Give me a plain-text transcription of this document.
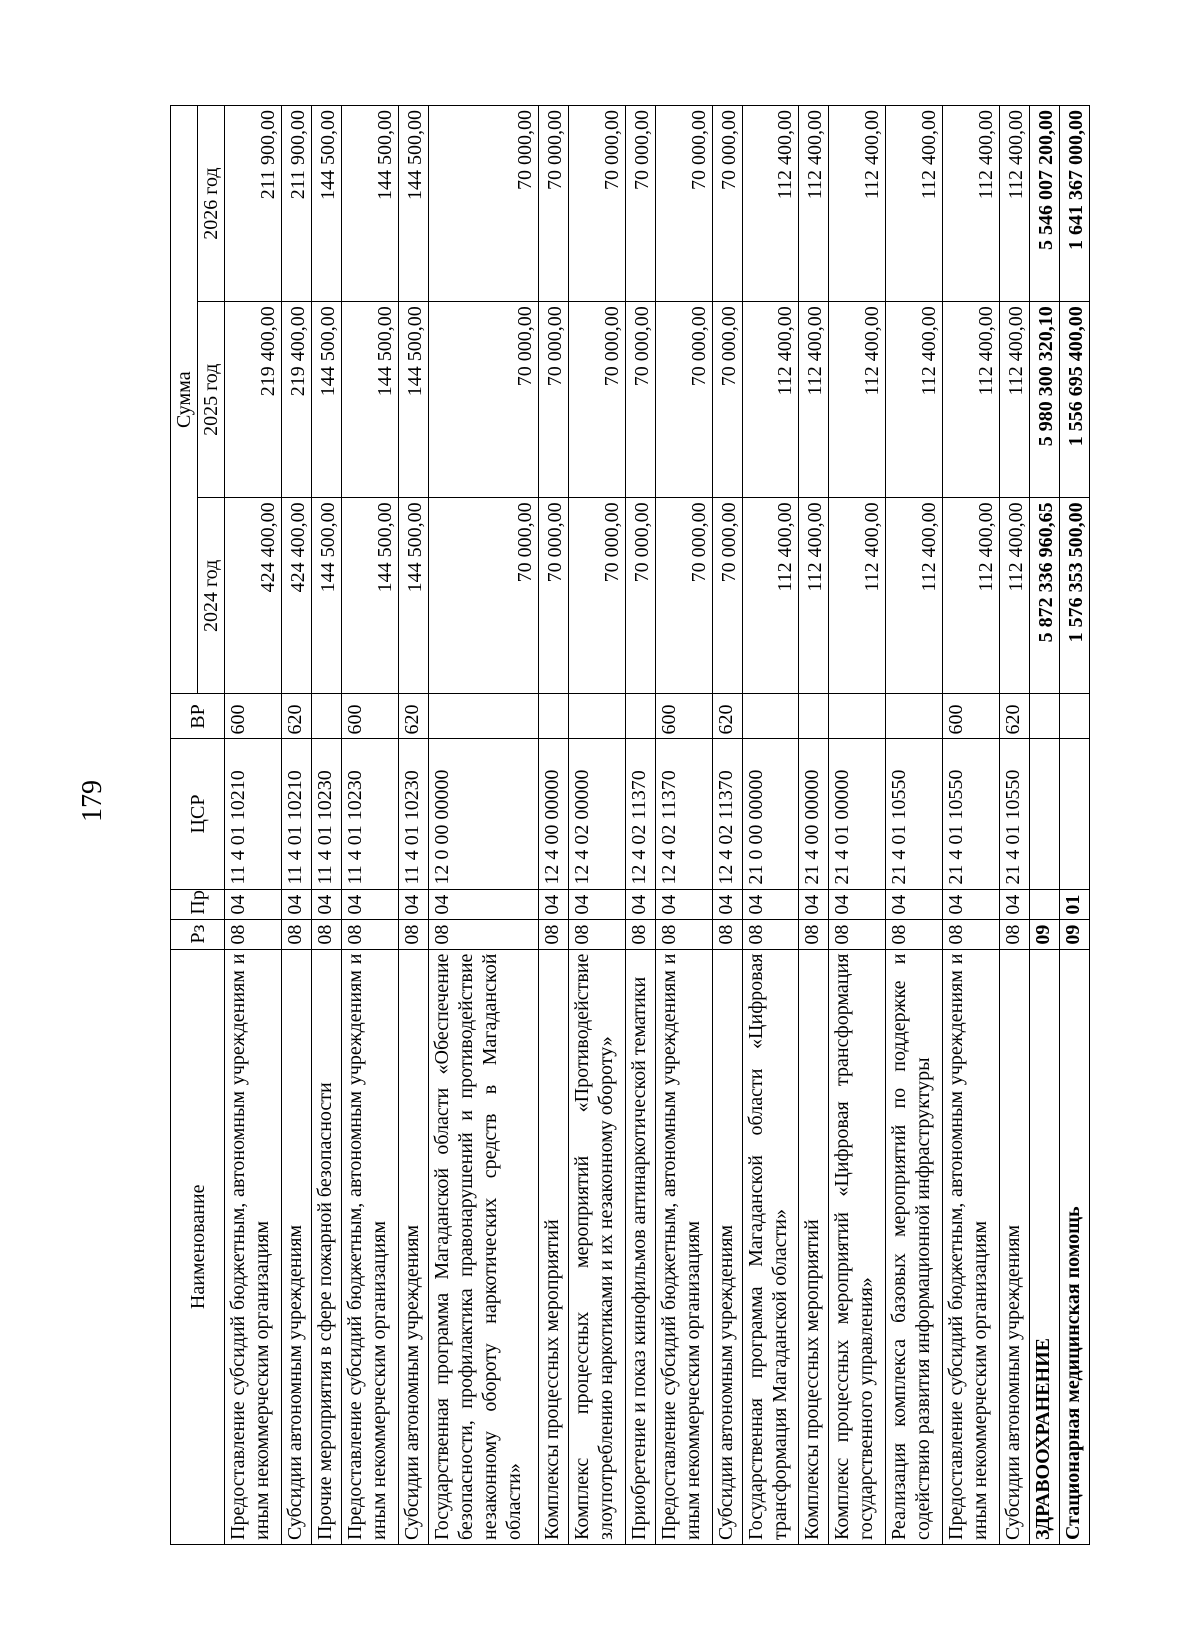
179
Наименование	Рз	Пр	ЦСР	ВР	Сумма		
					2024 год	2025 год	2026 год
Предоставление субсидий бюджетным, автономным учреждениям и иным некоммерческим организациям	08	04	11 4 01 10210	600	424 400,00	219 400,00	211 900,00
Субсидии автономным учреждениям	08	04	11 4 01 10210	620	424 400,00	219 400,00	211 900,00
Прочие мероприятия в сфере пожарной безопасности	08	04	11 4 01 10230		144 500,00	144 500,00	144 500,00
Предоставление субсидий бюджетным, автономным учреждениям и иным некоммерческим организациям	08	04	11 4 01 10230	600	144 500,00	144 500,00	144 500,00
Субсидии автономным учреждениям	08	04	11 4 01 10230	620	144 500,00	144 500,00	144 500,00
Государственная программа Магаданской области «Обеспечение безопасности, профилактика правонарушений и противодействие незаконному обороту наркотических средств в Магаданской области»	08	04	12 0 00 00000		70 000,00	70 000,00	70 000,00
Комплексы процессных мероприятий	08	04	12 4 00 00000		70 000,00	70 000,00	70 000,00
Комплекс процессных мероприятий «Противодействие злоупотреблению наркотиками и их незаконному обороту»	08	04	12 4 02 00000		70 000,00	70 000,00	70 000,00
Приобретение и показ кинофильмов антинаркотической тематики	08	04	12 4 02 11370		70 000,00	70 000,00	70 000,00
Предоставление субсидий бюджетным, автономным учреждениям и иным некоммерческим организациям	08	04	12 4 02 11370	600	70 000,00	70 000,00	70 000,00
Субсидии автономным учреждениям	08	04	12 4 02 11370	620	70 000,00	70 000,00	70 000,00
Государственная программа Магаданской области «Цифровая трансформация Магаданской области»	08	04	21 0 00 00000		112 400,00	112 400,00	112 400,00
Комплексы процессных мероприятий	08	04	21 4 00 00000		112 400,00	112 400,00	112 400,00
Комплекс процессных мероприятий «Цифровая трансформация государственного управления»	08	04	21 4 01 00000		112 400,00	112 400,00	112 400,00
Реализация комплекса базовых мероприятий по поддержке и содействию развития информационной инфраструктуры	08	04	21 4 01 10550		112 400,00	112 400,00	112 400,00
Предоставление субсидий бюджетным, автономным учреждениям и иным некоммерческим организациям	08	04	21 4 01 10550	600	112 400,00	112 400,00	112 400,00
Субсидии автономным учреждениям	08	04	21 4 01 10550	620	112 400,00	112 400,00	112 400,00
ЗДРАВООХРАНЕНИЕ	09				5 872 336 960,65	5 980 300 320,10	5 546 007 200,00
Стационарная медицинская помощь	09	01			1 576 353 500,00	1 556 695 400,00	1 641 367 000,00
